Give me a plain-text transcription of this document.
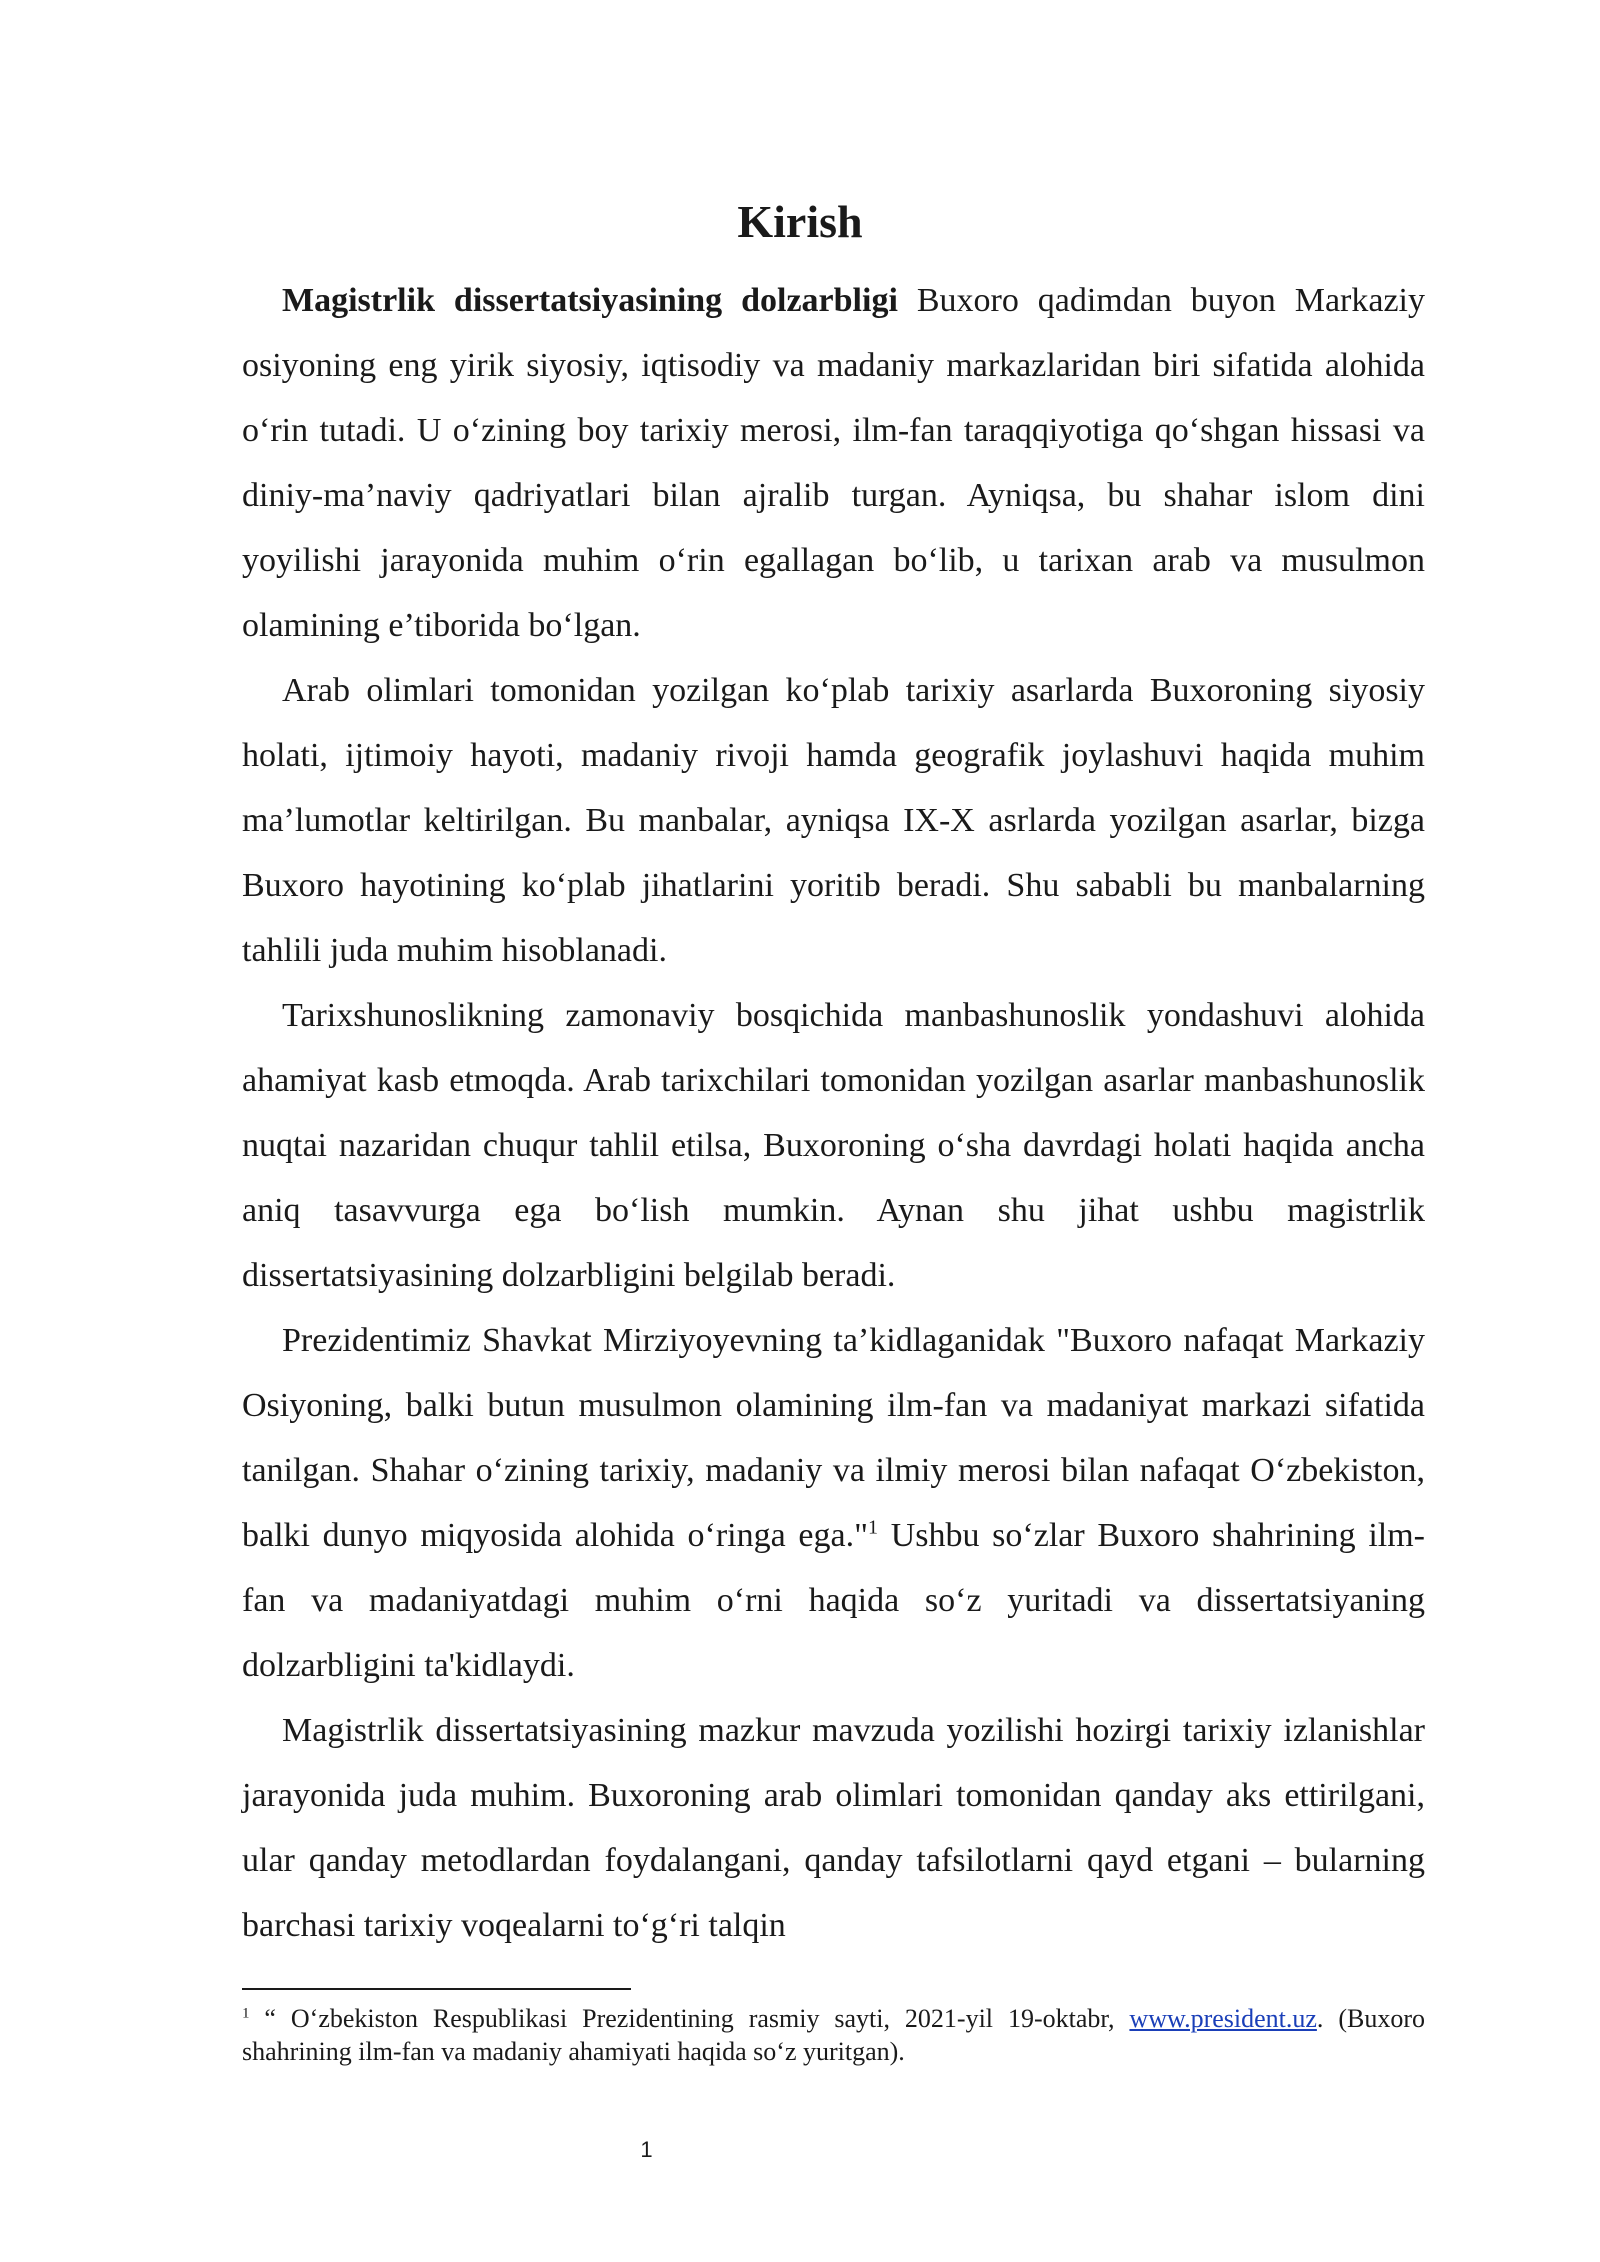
Kirish

Magistrlik dissertatsiyasining dolzarbligi Buxoro qadimdan buyon Markaziy osiyoning eng yirik siyosiy, iqtisodiy va madaniy markazlaridan biri sifatida alohida o‘rin tutadi. U o‘zining boy tarixiy merosi, ilm-fan taraqqiyotiga qo‘shgan hissasi va diniy-ma’naviy qadriyatlari bilan ajralib turgan. Ayniqsa, bu shahar islom dini yoyilishi jarayonida muhim o‘rin egallagan bo‘lib, u tarixan arab va musulmon olamining e’tiborida bo‘lgan.

Arab olimlari tomonidan yozilgan ko‘plab tarixiy asarlarda Buxoroning siyosiy holati, ijtimoiy hayoti, madaniy rivoji hamda geografik joylashuvi haqida muhim ma’lumotlar keltirilgan. Bu manbalar, ayniqsa IX-X asrlarda yozilgan asarlar, bizga Buxoro hayotining ko‘plab jihatlarini yoritib beradi. Shu sababli bu manbalarning tahlili juda muhim hisoblanadi.

Tarixshunoslikning zamonaviy bosqichida manbashunoslik yondashuvi alohida ahamiyat kasb etmoqda. Arab tarixchilari tomonidan yozilgan asarlar manbashunoslik nuqtai nazaridan chuqur tahlil etilsa, Buxoroning o‘sha davrdagi holati haqida ancha aniq tasavvurga ega bo‘lish mumkin. Aynan shu jihat ushbu magistrlik dissertatsiyasining dolzarbligini belgilab beradi.

Prezidentimiz Shavkat Mirziyoyevning ta’kidlaganidak "Buxoro nafaqat Markaziy Osiyoning, balki butun musulmon olamining ilm-fan va madaniyat markazi sifatida tanilgan. Shahar o‘zining tarixiy, madaniy va ilmiy merosi bilan nafaqat O‘zbekiston, balki dunyo miqyosida alohida o‘ringa ega."$^1$ Ushbu so‘zlar Buxoro shahrining ilm-fan va madaniyatdagi muhim o‘rni haqida so‘z yuritadi va dissertatsiyaning dolzarbligini ta'kidlaydi.

Magistrlik dissertatsiyasining mazkur mavzuda yozilishi hozirgi tarixiy izlanishlar jarayonida juda muhim. Buxoroning arab olimlari tomonidan qanday aks ettirilgani, ular qanday metodlardan foydalangani, qanday tafsilotlarni qayd etgani – bularning barchasi tarixiy voqealarni to‘g‘ri talqin

$^1$ “ O‘zbekiston Respublikasi Prezidentining rasmiy sayti, 2021-yil 19-oktabr, www.president.uz. (Buxoro shahrining ilm-fan va madaniy ahamiyati haqida so‘z yuritgan).

1
